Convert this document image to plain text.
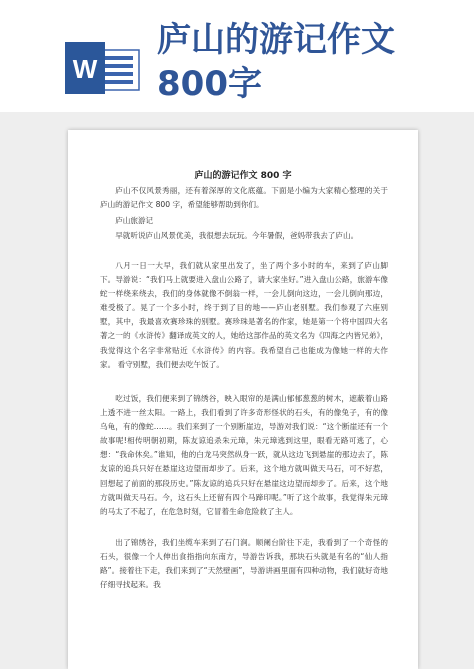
W
庐山的游记作文800字
庐山的游记作文 800 字
庐山不仅风景秀丽，还有着深厚的文化底蕴。下面是小编为大家精心整理的关于庐山的游记作文 800 字，希望能够帮助到你们。
庐山旅游记
早就听说庐山风景优美，我很想去玩玩。今年暑假，爸妈带我去了庐山。
八月一日一大早，我们就从家里出发了，坐了两个多小时的车，来到了庐山脚下。导游说：“我们马上就要进入盘山公路了，请大家坐好。”进入盘山公路，旅游车像蛇一样绕来绕去，我们的身体就像不倒翁一样，一会儿倒向这边，一会儿倒向那边，难受极了。晃了一个多小时，终于到了目的地——庐山老别墅。我们参观了六座别墅，其中，我最喜欢赛珍珠的别墅。赛珍珠是著名的作家，她是第一个将中国四大名著之一的《水浒传》翻译成英文的人，她给这部作品的英文名为《四海之内皆兄弟》，我觉得这个名字非常贴近《水浒传》的内容。我希望自己也能成为像她一样的大作家。 看守别墅，我们便去吃午饭了。
吃过饭，我们便来到了锦绣谷，映入眼帘的是满山郁郁葱葱的树木，遮蔽着山路上透不进一丝太阳。一路上，我们看到了许多奇形怪状的石头，有的像兔子，有的像乌龟，有的像蛇……。我们来到了一个别断崖边，导游对我们说：“这个断崖还有一个故事呢!相传明朝初期，陈友谅追杀朱元璋，朱元璋逃到这里，眼看无路可逃了，心想：“我命休矣。”谁知，他的白龙马突然纵身一跃，就从这边飞到悬崖的那边去了，陈友谅的追兵只好在悬崖这边望而却步了。后来，这个地方就叫做天马石，可不好惹，回想起了前面的那段历史。”陈友谅的追兵只好在悬崖这边望而却步了。后来，这个地方就叫做天马石。今，这石头上还留有四个马蹄印呢。”听了这个故事，我觉得朱元璋的马太了不起了，在危急时刻，它冒着生命危险救了主人。
出了锦绣谷，我们坐缆车来到了石门涧。顺阑台阶往下走，我看到了一个奇怪的石头，很像一个人伸出食指指向东南方，导游告诉我，那块石头就是有名的“仙人指路”。接着往下走，我们来到了“天然壁画”，导游讲画里面有四种动物，我们就好奇地仔细寻找起来。我
